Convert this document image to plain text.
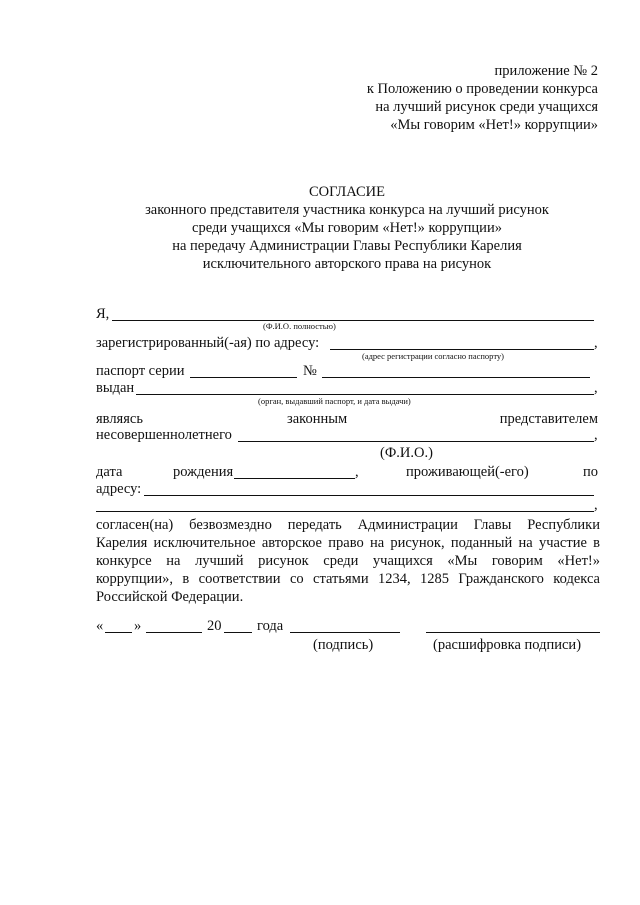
приложение № 2
к Положению о проведении конкурса
на лучший рисунок среди учащихся
«Мы говорим «Нет!» коррупции»
СОГЛАСИЕ
законного представителя участника конкурса на лучший рисунок
среди учащихся «Мы говорим «Нет!» коррупции»
на передачу Администрации Главы Республики Карелия
исключительного авторского права на рисунок
Я,
(Ф.И.О. полностью)
зарегистрированный(-ая) по адресу:	,
(адрес регистрации согласно паспорту)
паспорт серии	№
выдан	,
(орган, выдавший паспорт, и дата выдачи)
являясь	законным	представителем
несовершеннолетнего	,
(Ф.И.О.)
дата	рождения	,	проживающей(-его)	по
адресу:
,
согласен(на) безвозмездно передать Администрации Главы Республики
Карелия исключительное авторское право на рисунок, поданный на участие в
конкурсе на лучший рисунок среди учащихся «Мы говорим «Нет!»
коррупции», в соответствии со статьями 1234, 1285 Гражданского кодекса
Российской Федерации.
« »	20 года
(подпись)	(расшифровка подписи)
